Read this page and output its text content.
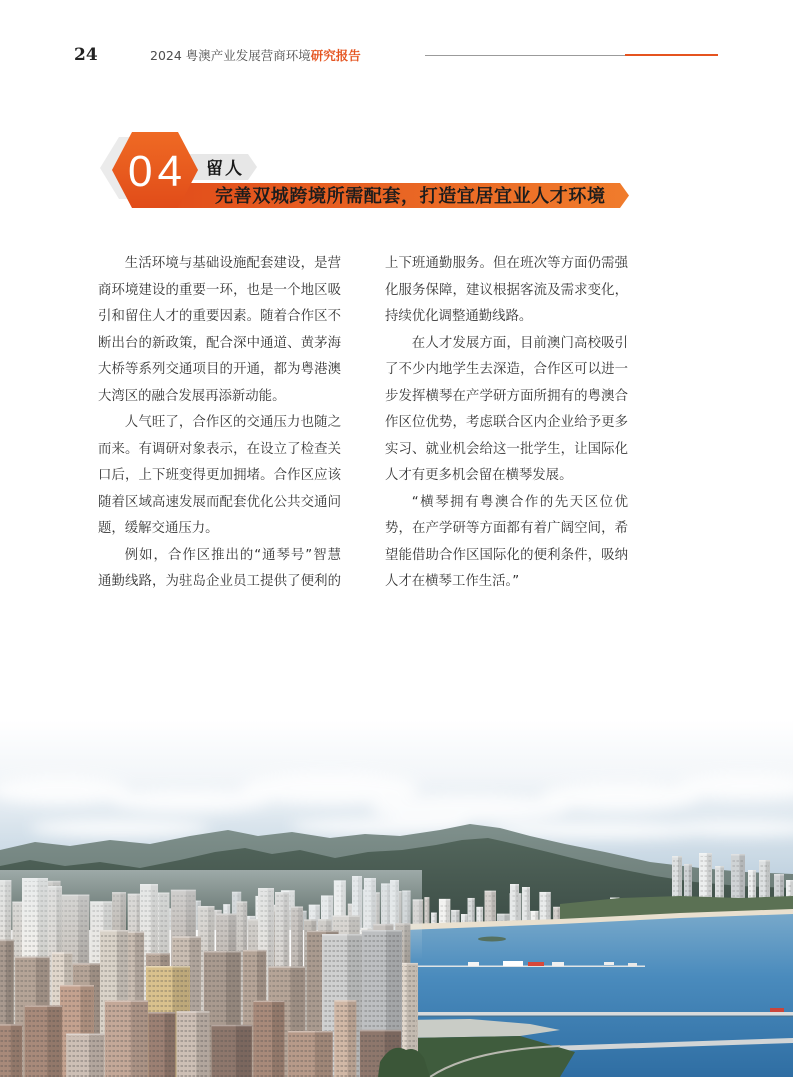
24	2024 粤澳产业发展营商环境研究报告
04 留人
完善双城跨境所需配套，打造宜居宜业人才环境
生活环境与基础设施配套建设，是营
商环境建设的重要一环，也是一个地区吸
引和留住人才的重要因素。随着合作区不
断出台的新政策，配合深中通道、黄茅海
大桥等系列交通项目的开通，都为粤港澳
大湾区的融合发展再添新动能。
人气旺了，合作区的交通压力也随之
而来。有调研对象表示，在设立了检查关
口后，上下班变得更加拥堵。合作区应该
随着区域高速发展而配套优化公共交通问
题，缓解交通压力。
例如，合作区推出的“通琴号”智慧
通勤线路，为驻岛企业员工提供了便利的
上下班通勤服务。但在班次等方面仍需强
化服务保障，建议根据客流及需求变化，
持续优化调整通勤线路。
在人才发展方面，目前澳门高校吸引
了不少内地学生去深造，合作区可以进一
步发挥横琴在产学研方面所拥有的粤澳合
作区位优势，考虑联合区内企业给予更多
实习、就业机会给这一批学生，让国际化
人才有更多机会留在横琴发展。
“横琴拥有粤澳合作的先天区位优
势，在产学研等方面都有着广阔空间，希
望能借助合作区国际化的便利条件，吸纳
人才在横琴工作生活。”
